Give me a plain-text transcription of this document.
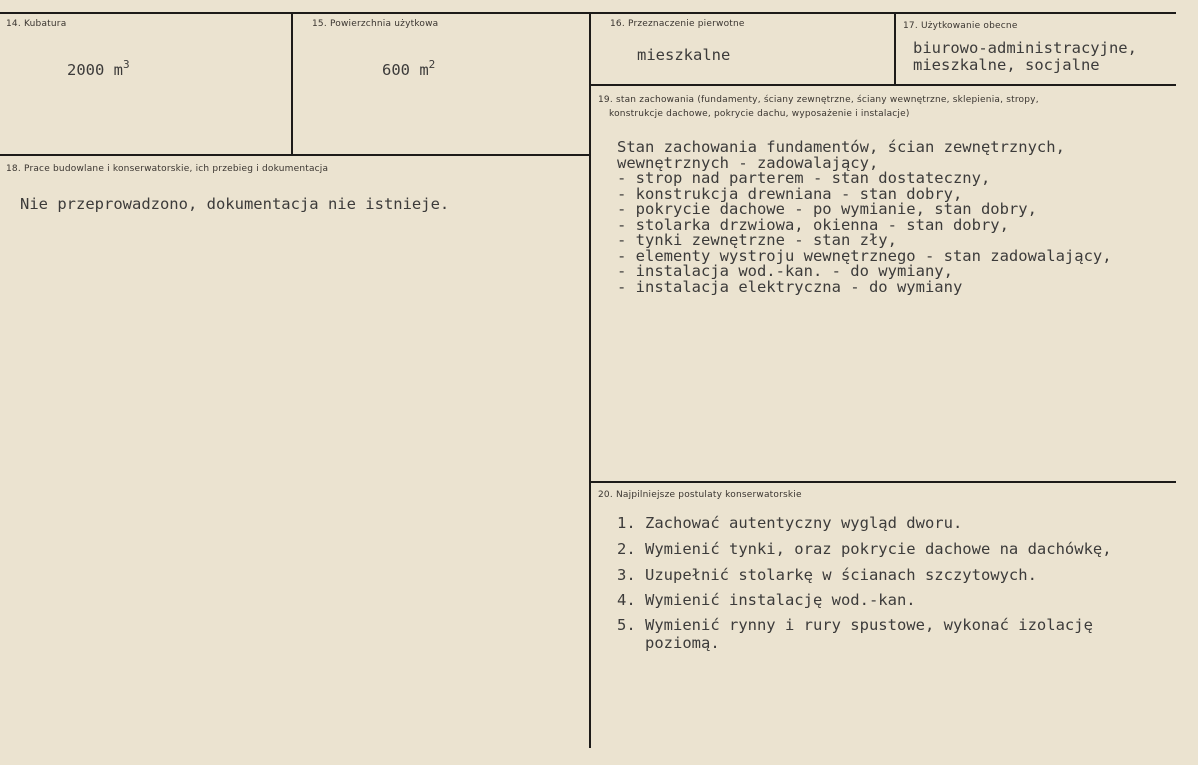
14. Kubatura
2000 $m^3$
15. Powierzchnia użytkowa
600 $m^2$
16. Przeznaczenie pierwotne
mieszkalne
17. Użytkowanie obecne
biurowo-administracyjne,
mieszkalne, socjalne
19. stan zachowania (fundamenty, ściany zewnętrzne, ściany wewnętrzne, sklepienia, stropy,
konstrukcje dachowe, pokrycie dachu, wyposażenie i instalacje)
Stan zachowania fundamentów, ścian zewnętrznych,
wewnętrznych - zadowalający,
- strop nad parterem - stan dostateczny,
- konstrukcja drewniana - stan dobry,
- pokrycie dachowe - po wymianie, stan dobry,
- stolarka drzwiowa, okienna - stan dobry,
- tynki zewnętrzne - stan zły,
- elementy wystroju wewnętrznego - stan zadowalający,
- instalacja wod.-kan. - do wymiany,
- instalacja elektryczna - do wymiany
18. Prace budowlane i konserwatorskie, ich przebieg i dokumentacja
Nie przeprowadzono, dokumentacja nie istnieje.
20. Najpilniejsze postulaty konserwatorskie
1. Zachować autentyczny wygląd dworu.
2. Wymienić tynki, oraz pokrycie dachowe na dachówkę,
3. Uzupełnić stolarkę w ścianach szczytowych.
4. Wymienić instalację wod.-kan.
5. Wymienić rynny i rury spustowe, wykonać izolację
poziomą.
